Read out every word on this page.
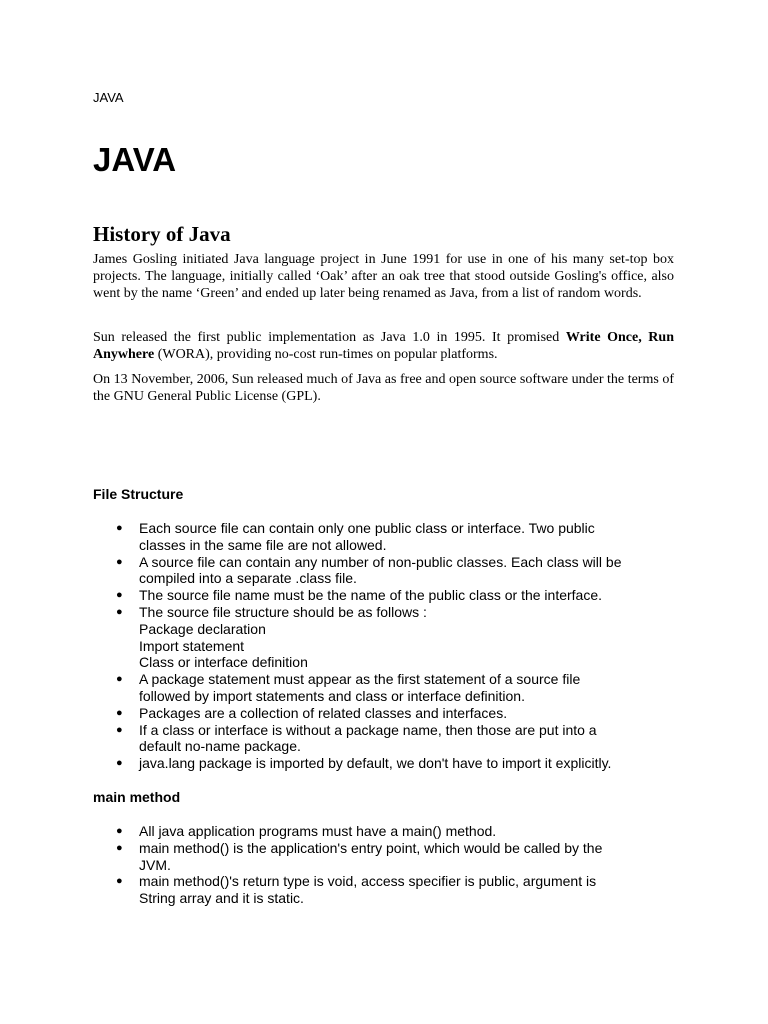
JAVA
JAVA
History of Java

James Gosling initiated Java language project in June 1991 for use in one of his many set-top box projects. The language, initially called ‘Oak’ after an oak tree that stood outside Gosling's office, also went by the name ‘Green’ and ended up later being renamed as Java, from a list of random words.

Sun released the first public implementation as Java 1.0 in 1995. It promised Write Once, Run Anywhere (WORA), providing no-cost run-times on popular platforms.

On 13 November, 2006, Sun released much of Java as free and open source software under the terms of the GNU General Public License (GPL).

File Structure
● Each source file can contain only one public class or interface. Two public
classes in the same file are not allowed.
● A source file can contain any number of non-public classes. Each class will be
compiled into a separate .class file.
● The source file name must be the name of the public class or the interface.
● The source file structure should be as follows :
Package declaration
Import statement
Class or interface definition
● A package statement must appear as the first statement of a source file
followed by import statements and class or interface definition.
● Packages are a collection of related classes and interfaces.
● If a class or interface is without a package name, then those are put into a
default no-name package.
● java.lang package is imported by default, we don't have to import it explicitly.
main method
● All java application programs must have a main() method.
● main method() is the application's entry point, which would be called by the
JVM.
● main method()'s return type is void, access specifier is public, argument is
String array and it is static.
